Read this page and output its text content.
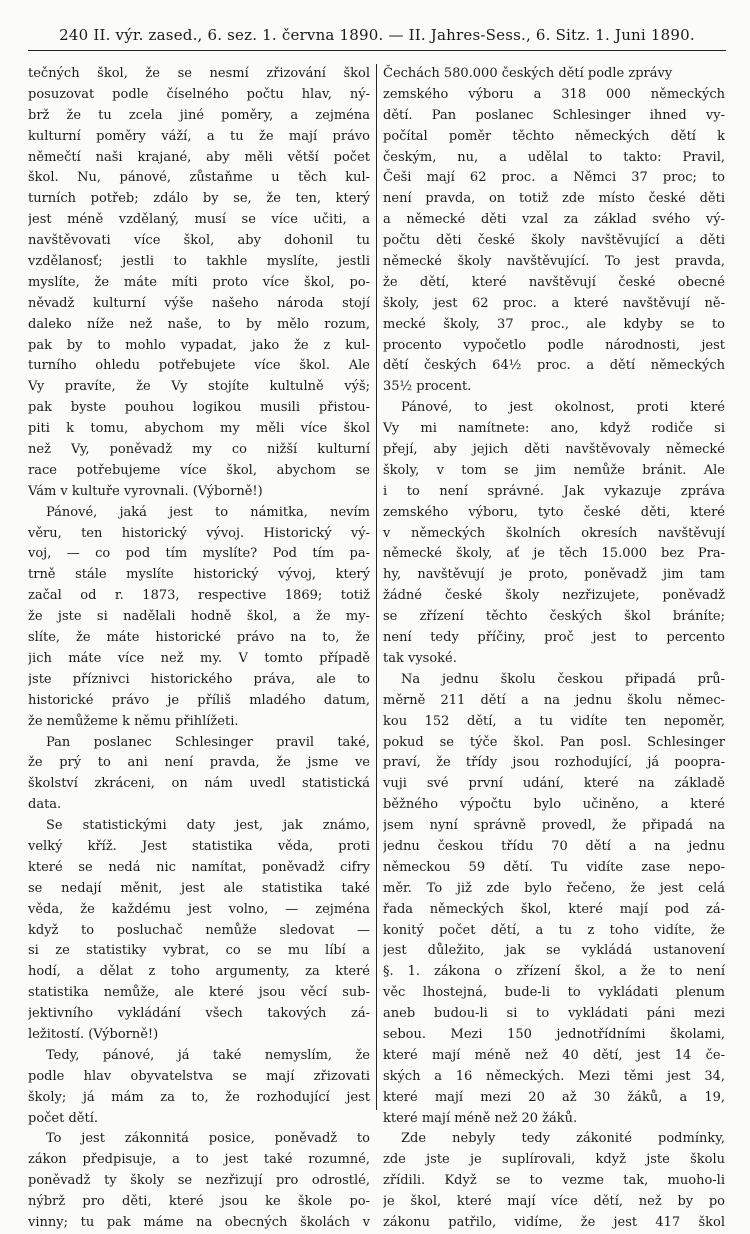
240 II. výr. zased., 6. sez. 1. června 1890. — II. Jahres-Sess., 6. Sitz. 1. Juni 1890.
tečných škol, že se nesmí zřizování škol
posuzovat podle číselného počtu hlav, ný-
brž že tu zcela jiné poměry, a zejména
kulturní poměry váží, a tu že mají právo
němečtí naši krajané, aby měli větší počet
škol. Nu, pánové, zůstaňme u těch kul-
turních potřeb; zdálo by se, že ten, který
jest méně vzdělaný, musí se více učiti, a
navštěvovati více škol, aby dohonil tu
vzdělanosť; jestli to takhle myslíte, jestli
myslíte, že máte míti proto více škol, po-
něvadž kulturní výše našeho národa stojí
daleko níže než naše, to by mělo rozum,
pak by to mohlo vypadat, jako že z kul-
turního ohledu potřebujete více škol. Ale
Vy pravíte, že Vy stojíte kultulně výš;
pak byste pouhou logikou musili přistou-
piti k tomu, abychom my měli více škol
než Vy, poněvadž my co nižší kulturní
race potřebujeme více škol, abychom se
Vám v kultuře vyrovnali. (Výborně!)
Pánové, jaká jest to námitka, nevím
věru, ten historický vývoj. Historický vý-
voj, — co pod tím myslíte? Pod tím pa-
trně stále myslíte historický vývoj, který
začal od r. 1873, respective 1869; totiž
že jste si nadělali hodně škol, a že my-
slíte, že máte historické právo na to, že
jich máte více než my. V tomto případě
jste příznivci historického práva, ale to
historické právo je příliš mladého datum,
že nemůžeme k němu přihlížeti.
Pan poslanec Schlesinger pravil také,
že prý to ani není pravda, že jsme ve
školství zkráceni, on nám uvedl statistická
data.
Se statistickými daty jest, jak známo,
velký kříž. Jest statistika věda, proti
které se nedá nic namítat, poněvadž cifry
se nedají měnit, jest ale statistika také
věda, že každému jest volno, — zejména
když to posluchač nemůže sledovat —
si ze statistiky vybrat, co se mu líbí a
hodí, a dělat z toho argumenty, za které
statistika nemůže, ale které jsou věcí sub-
jektivního vykládání všech takových zá-
ležitostí. (Výborně!)
Tedy, pánové, já také nemyslím, že
podle hlav obyvatelstva se mají zřizovati
školy; já mám za to, že rozhodující jest
počet dětí.
To jest zákonnitá posice, poněvadž to
zákon předpisuje, a to jest také rozumné,
poněvadž ty školy se nezřizují pro odrostlé,
nýbrž pro děti, které jsou ke škole po-
vinny; tu pak máme na obecných školách v
Čechách 580.000 českých dětí podle zprávy
zemského výboru a 318 000 německých
dětí. Pan poslanec Schlesinger ihned vy-
počítal poměr těchto německých dětí k
českým, nu, a udělal to takto: Pravil,
Češi mají 62 proc. a Němci 37 proc; to
není pravda, on totiž zde místo české děti
a německé děti vzal za základ svého vý-
počtu děti české školy navštěvující a děti
německé školy navštěvující. To jest pravda,
že dětí, které navštěvují české obecné
školy, jest 62 proc. a které navštěvují ně-
mecké školy, 37 proc., ale kdyby se to
procento vypočetlo podle národnosti, jest
dětí českých 64½ proc. a dětí německých
35½ procent.
Pánové, to jest okolnost, proti které
Vy mi namítnete: ano, když rodiče si
přejí, aby jejich děti navštěvovaly německé
školy, v tom se jim nemůže bránit. Ale
i to není správné. Jak vykazuje zpráva
zemského výboru, tyto české děti, které
v německých školních okresích navštěvují
německé školy, ať je těch 15.000 bez Pra-
hy, navštěvují je proto, poněvadž jim tam
žádné české školy nezřizujete, poněvadž
se zřízení těchto českých škol bráníte;
není tedy příčiny, proč jest to percento
tak vysoké.
Na jednu školu českou připadá prů-
měrně 211 dětí a na jednu školu němec-
kou 152 dětí, a tu vidíte ten nepoměr,
pokud se týče škol. Pan posl. Schlesinger
praví, že třídy jsou rozhodující, já poopra-
vuji své první udání, které na základě
běžného výpočtu bylo učiněno, a které
jsem nyní správně provedl, že připadá na
jednu českou třídu 70 dětí a na jednu
německou 59 dětí. Tu vidíte zase nepo-
měr. To již zde bylo řečeno, že jest celá
řada německých škol, které mají pod zá-
konitý počet dětí, a tu z toho vidíte, že
jest důležito, jak se vykládá ustanovení
§. 1. zákona o zřízení škol, a že to není
věc lhostejná, bude-li to vykládati plenum
aneb budou-li si to vykládati páni mezi
sebou. Mezi 150 jednotřídními školami,
které mají méně než 40 dětí, jest 14 če-
ských a 16 německých. Mezi těmi jest 34,
které mají mezi 20 až 30 žáků, a 19,
které mají méně než 20 žáků.
Zde nebyly tedy zákonité podmínky,
zde jste je suplírovali, když jste školu
zřídili. Když se to vezme tak, muoho-li
je škol, které mají více dětí, než by po
zákonu patřilo, vidíme, že jest 417 škol
